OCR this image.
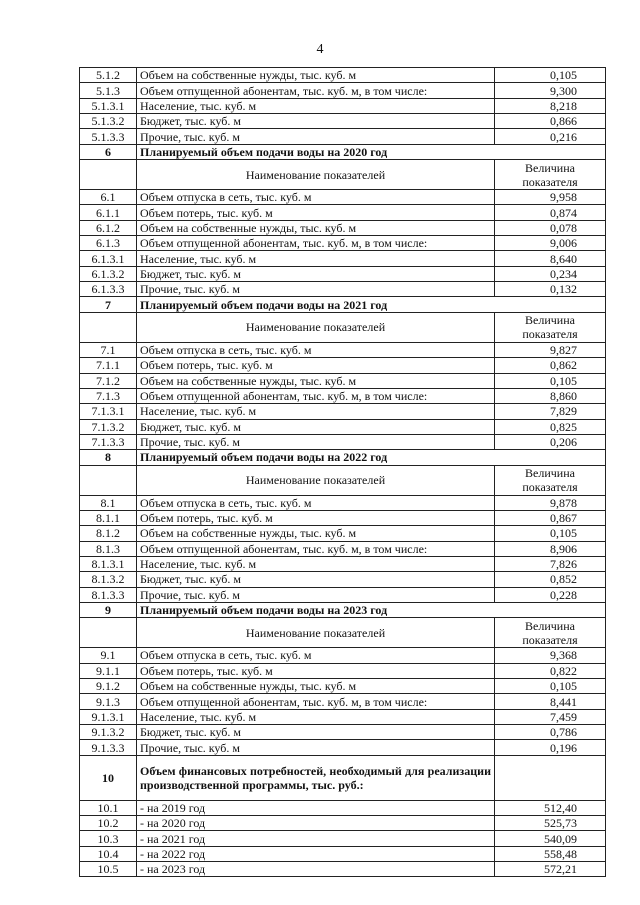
4
5.1.2	Объем на собственные нужды, тыс. куб. м	0,105
5.1.3	Объем отпущенной абонентам, тыс. куб. м, в том числе:	9,300
5.1.3.1	Население, тыс. куб. м	8,218
5.1.3.2	Бюджет, тыс. куб. м	0,866
5.1.3.3	Прочие, тыс. куб. м	0,216
6	Планируемый объем подачи воды на 2020 год	
	Наименование показателей	Величина показателя
6.1	Объем отпуска в сеть, тыс. куб. м	9,958
6.1.1	Объем потерь, тыс. куб. м	0,874
6.1.2	Объем на собственные нужды, тыс. куб. м	0,078
6.1.3	Объем отпущенной абонентам, тыс. куб. м, в том числе:	9,006
6.1.3.1	Население, тыс. куб. м	8,640
6.1.3.2	Бюджет, тыс. куб. м	0,234
6.1.3.3	Прочие, тыс. куб. м	0,132
7	Планируемый объем подачи воды на 2021 год	
	Наименование показателей	Величина показателя
7.1	Объем отпуска в сеть, тыс. куб. м	9,827
7.1.1	Объем потерь, тыс. куб. м	0,862
7.1.2	Объем на собственные нужды, тыс. куб. м	0,105
7.1.3	Объем отпущенной абонентам, тыс. куб. м, в том числе:	8,860
7.1.3.1	Население, тыс. куб. м	7,829
7.1.3.2	Бюджет, тыс. куб. м	0,825
7.1.3.3	Прочие, тыс. куб. м	0,206
8	Планируемый объем подачи воды на 2022 год	
	Наименование показателей	Величина показателя
8.1	Объем отпуска в сеть, тыс. куб. м	9,878
8.1.1	Объем потерь, тыс. куб. м	0,867
8.1.2	Объем на собственные нужды, тыс. куб. м	0,105
8.1.3	Объем отпущенной абонентам, тыс. куб. м, в том числе:	8,906
8.1.3.1	Население, тыс. куб. м	7,826
8.1.3.2	Бюджет, тыс. куб. м	0,852
8.1.3.3	Прочие, тыс. куб. м	0,228
9	Планируемый объем подачи воды на 2023 год	
	Наименование показателей	Величина показателя
9.1	Объем отпуска в сеть, тыс. куб. м	9,368
9.1.1	Объем потерь, тыс. куб. м	0,822
9.1.2	Объем на собственные нужды, тыс. куб. м	0,105
9.1.3	Объем отпущенной абонентам, тыс. куб. м, в том числе:	8,441
9.1.3.1	Население, тыс. куб. м	7,459
9.1.3.2	Бюджет, тыс. куб. м	0,786
9.1.3.3	Прочие, тыс. куб. м	0,196
10	Объем финансовых потребностей, необходимый для реализации производственной программы, тыс. руб.:	
10.1	- на 2019 год	512,40
10.2	- на 2020 год	525,73
10.3	- на 2021 год	540,09
10.4	- на 2022 год	558,48
10.5	- на 2023 год	572,21
